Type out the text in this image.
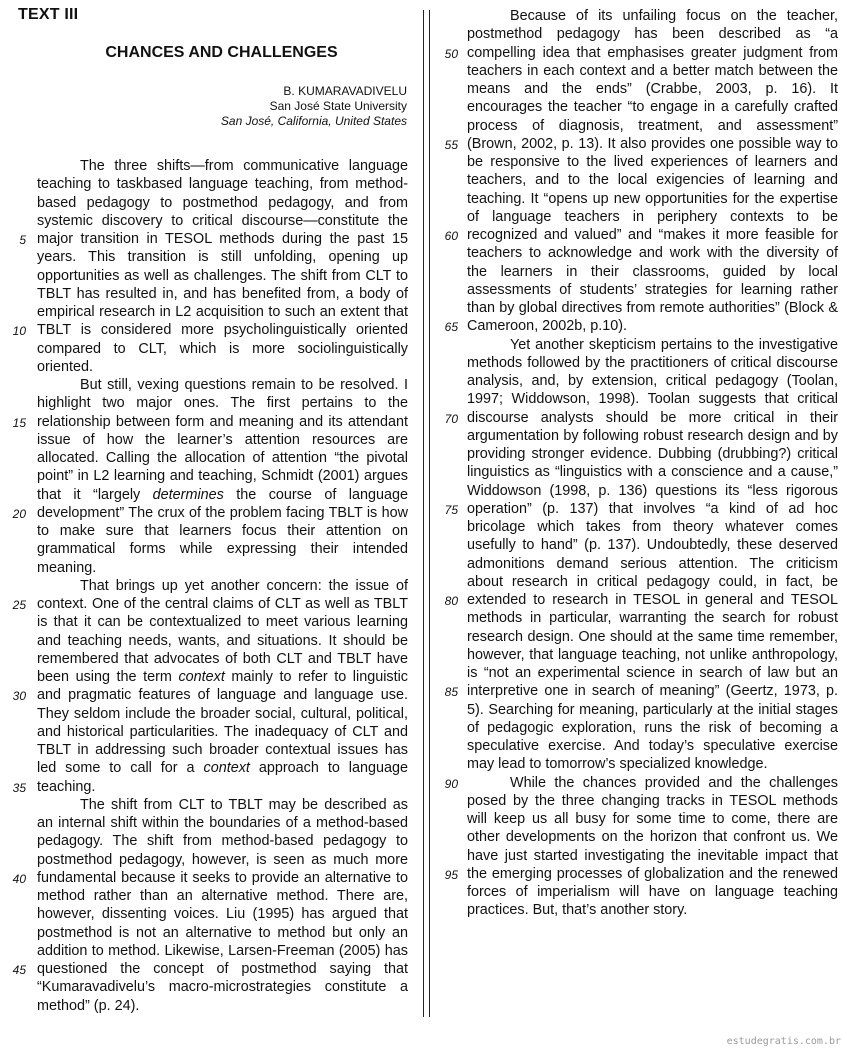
TEXT III
CHANCES AND CHALLENGES
B. KUMARAVADIVELU
San José State University
San José, California, United States

The three shifts—from communicative language teaching to taskbased language teaching, from method-based pedagogy to postmethod pedagogy, and from systemic discovery to critical discourse—constitute the major transition in TESOL methods during the past 15 years. This transition is still unfolding, opening up opportunities as well as challenges. The shift from CLT to TBLT has resulted in, and has benefited from, a body of empirical research in L2 acquisition to such an extent that TBLT is considered more psycholinguistically oriented compared to CLT, which is more sociolinguistically oriented.

But still, vexing questions remain to be resolved. I highlight two major ones. The first pertains to the relationship between form and meaning and its attendant issue of how the learner’s attention resources are allocated. Calling the allocation of attention “the pivotal point” in L2 learning and teaching, Schmidt (2001) argues that it “largely determines the course of language development” The crux of the problem facing TBLT is how to make sure that learners focus their attention on grammatical forms while expressing their intended meaning.

That brings up yet another concern: the issue of context. One of the central claims of CLT as well as TBLT is that it can be contextualized to meet various learning and teaching needs, wants, and situations. It should be remembered that advocates of both CLT and TBLT have been using the term context mainly to refer to linguistic and pragmatic features of language and language use. They seldom include the broader social, cultural, political, and historical particularities. The inadequacy of CLT and TBLT in addressing such broader contextual issues has led some to call for a context approach to language teaching.

The shift from CLT to TBLT may be described as an internal shift within the boundaries of a method-based pedagogy. The shift from method-based pedagogy to postmethod pedagogy, however, is seen as much more fundamental because it seeks to provide an alternative to method rather than an alternative method. There are, however, dissenting voices. Liu (1995) has argued that postmethod is not an alternative to method but only an addition to method. Likewise, Larsen-Freeman (2005) has questioned the concept of postmethod saying that “Kumaravadivelu’s macro-microstrategies constitute a method” (p. 24).

Because of its unfailing focus on the teacher, postmethod pedagogy has been described as “a compelling idea that emphasises greater judgment from teachers in each context and a better match between the means and the ends” (Crabbe, 2003, p. 16). It encourages the teacher “to engage in a carefully crafted process of diagnosis, treatment, and assessment” (Brown, 2002, p. 13). It also provides one possible way to be responsive to the lived experiences of learners and teachers, and to the local exigencies of learning and teaching. It “opens up new opportunities for the expertise of language teachers in periphery contexts to be recognized and valued” and “makes it more feasible for teachers to acknowledge and work with the diversity of the learners in their classrooms, guided by local assessments of students’ strategies for learning rather than by global directives from remote authorities” (Block & Cameroon, 2002b, p.10).

Yet another skepticism pertains to the investigative methods followed by the practitioners of critical discourse analysis, and, by extension, critical pedagogy (Toolan, 1997; Widdowson, 1998). Toolan suggests that critical discourse analysts should be more critical in their argumentation by following robust research design and by providing stronger evidence. Dubbing (drubbing?) critical linguistics as “linguistics with a conscience and a cause,” Widdowson (1998, p. 136) questions its “less rigorous operation” (p. 137) that involves “a kind of ad hoc bricolage which takes from theory whatever comes usefully to hand” (p. 137). Undoubtedly, these deserved admonitions demand serious attention. The criticism about research in critical pedagogy could, in fact, be extended to research in TESOL in general and TESOL methods in particular, warranting the search for robust research design. One should at the same time remember, however, that language teaching, not unlike anthropology, is “not an experimental science in search of law but an interpretive one in search of meaning” (Geertz, 1973, p. 5). Searching for meaning, particularly at the initial stages of pedagogic exploration, runs the risk of becoming a speculative exercise. And today’s speculative exercise may lead to tomorrow’s specialized knowledge.

While the chances provided and the challenges posed by the three changing tracks in TESOL methods will keep us all busy for some time to come, there are other developments on the horizon that confront us. We have just started investigating the inevitable impact that the emerging processes of globalization and the renewed forces of imperialism will have on language teaching practices. But, that’s another story.

5
10
15
20
25
30
35
40
45
50
55
60
65
70
75
80
85
90
95
estudegratis.com.br
